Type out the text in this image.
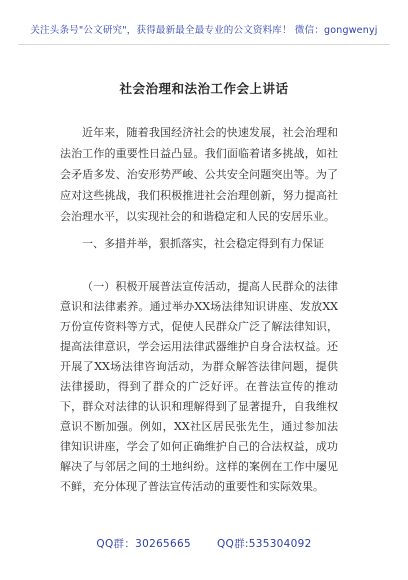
关注头条号"公文研究"，获得最新最全最专业的公文资料库！ 微信：gongwenyj
社会治理和法治工作会上讲话

近年来，随着我国经济社会的快速发展，社会治理和法治工作的重要性日益凸显。我们面临着诸多挑战，如社会矛盾多发、治安形势严峻、公共安全问题突出等。为了应对这些挑战，我们积极推进社会治理创新，努力提高社会治理水平，以实现社会的和谐稳定和人民的安居乐业。

一、多措并举，狠抓落实，社会稳定得到有力保证

（一）积极开展普法宣传活动，提高人民群众的法律意识和法律素养。通过举办XX场法律知识讲座、发放XX万份宣传资料等方式，促使人民群众广泛了解法律知识，提高法律意识，学会运用法律武器维护自身合法权益。还开展了XX场法律咨询活动，为群众解答法律问题，提供法律援助，得到了群众的广泛好评。在普法宣传的推动下，群众对法律的认识和理解得到了显著提升，自我维权意识不断加强。例如，XX社区居民张先生，通过参加法律知识讲座，学会了如何正确维护自己的合法权益，成功解决了与邻居之间的土地纠纷。这样的案例在工作中屡见不鲜，充分体现了普法宣传活动的重要性和实际效果。

QQ群：30265665 QQ群:535304092
